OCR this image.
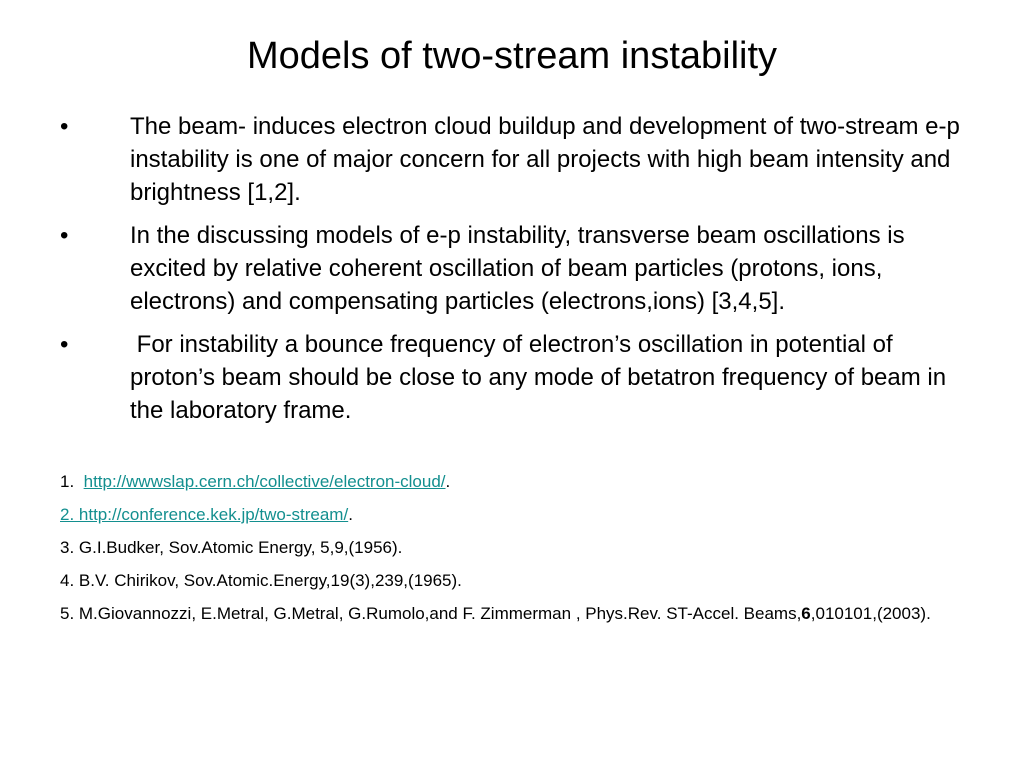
Models of two-stream instability
•	The beam- induces electron cloud buildup and development of two-stream e-p instability is one of major concern for all projects with high beam intensity and brightness [1,2].
•	In the discussing models of e-p instability, transverse beam oscillations is excited by relative coherent oscillation of beam particles (protons, ions, electrons) and compensating particles (electrons,ions) [3,4,5].
•	For instability a bounce frequency of electron’s oscillation in potential of proton’s beam should be close to any mode of betatron frequency of beam in the laboratory frame.
1.  http://wwwslap.cern.ch/collective/electron-cloud/.
2. http://conference.kek.jp/two-stream/.
3. G.I.Budker, Sov.Atomic Energy, 5,9,(1956).
4. B.V. Chirikov, Sov.Atomic.Energy,19(3),239,(1965).
5. M.Giovannozzi, E.Metral, G.Metral, G.Rumolo,and F. Zimmerman , Phys.Rev. ST-Accel. Beams,6,010101,(2003).
